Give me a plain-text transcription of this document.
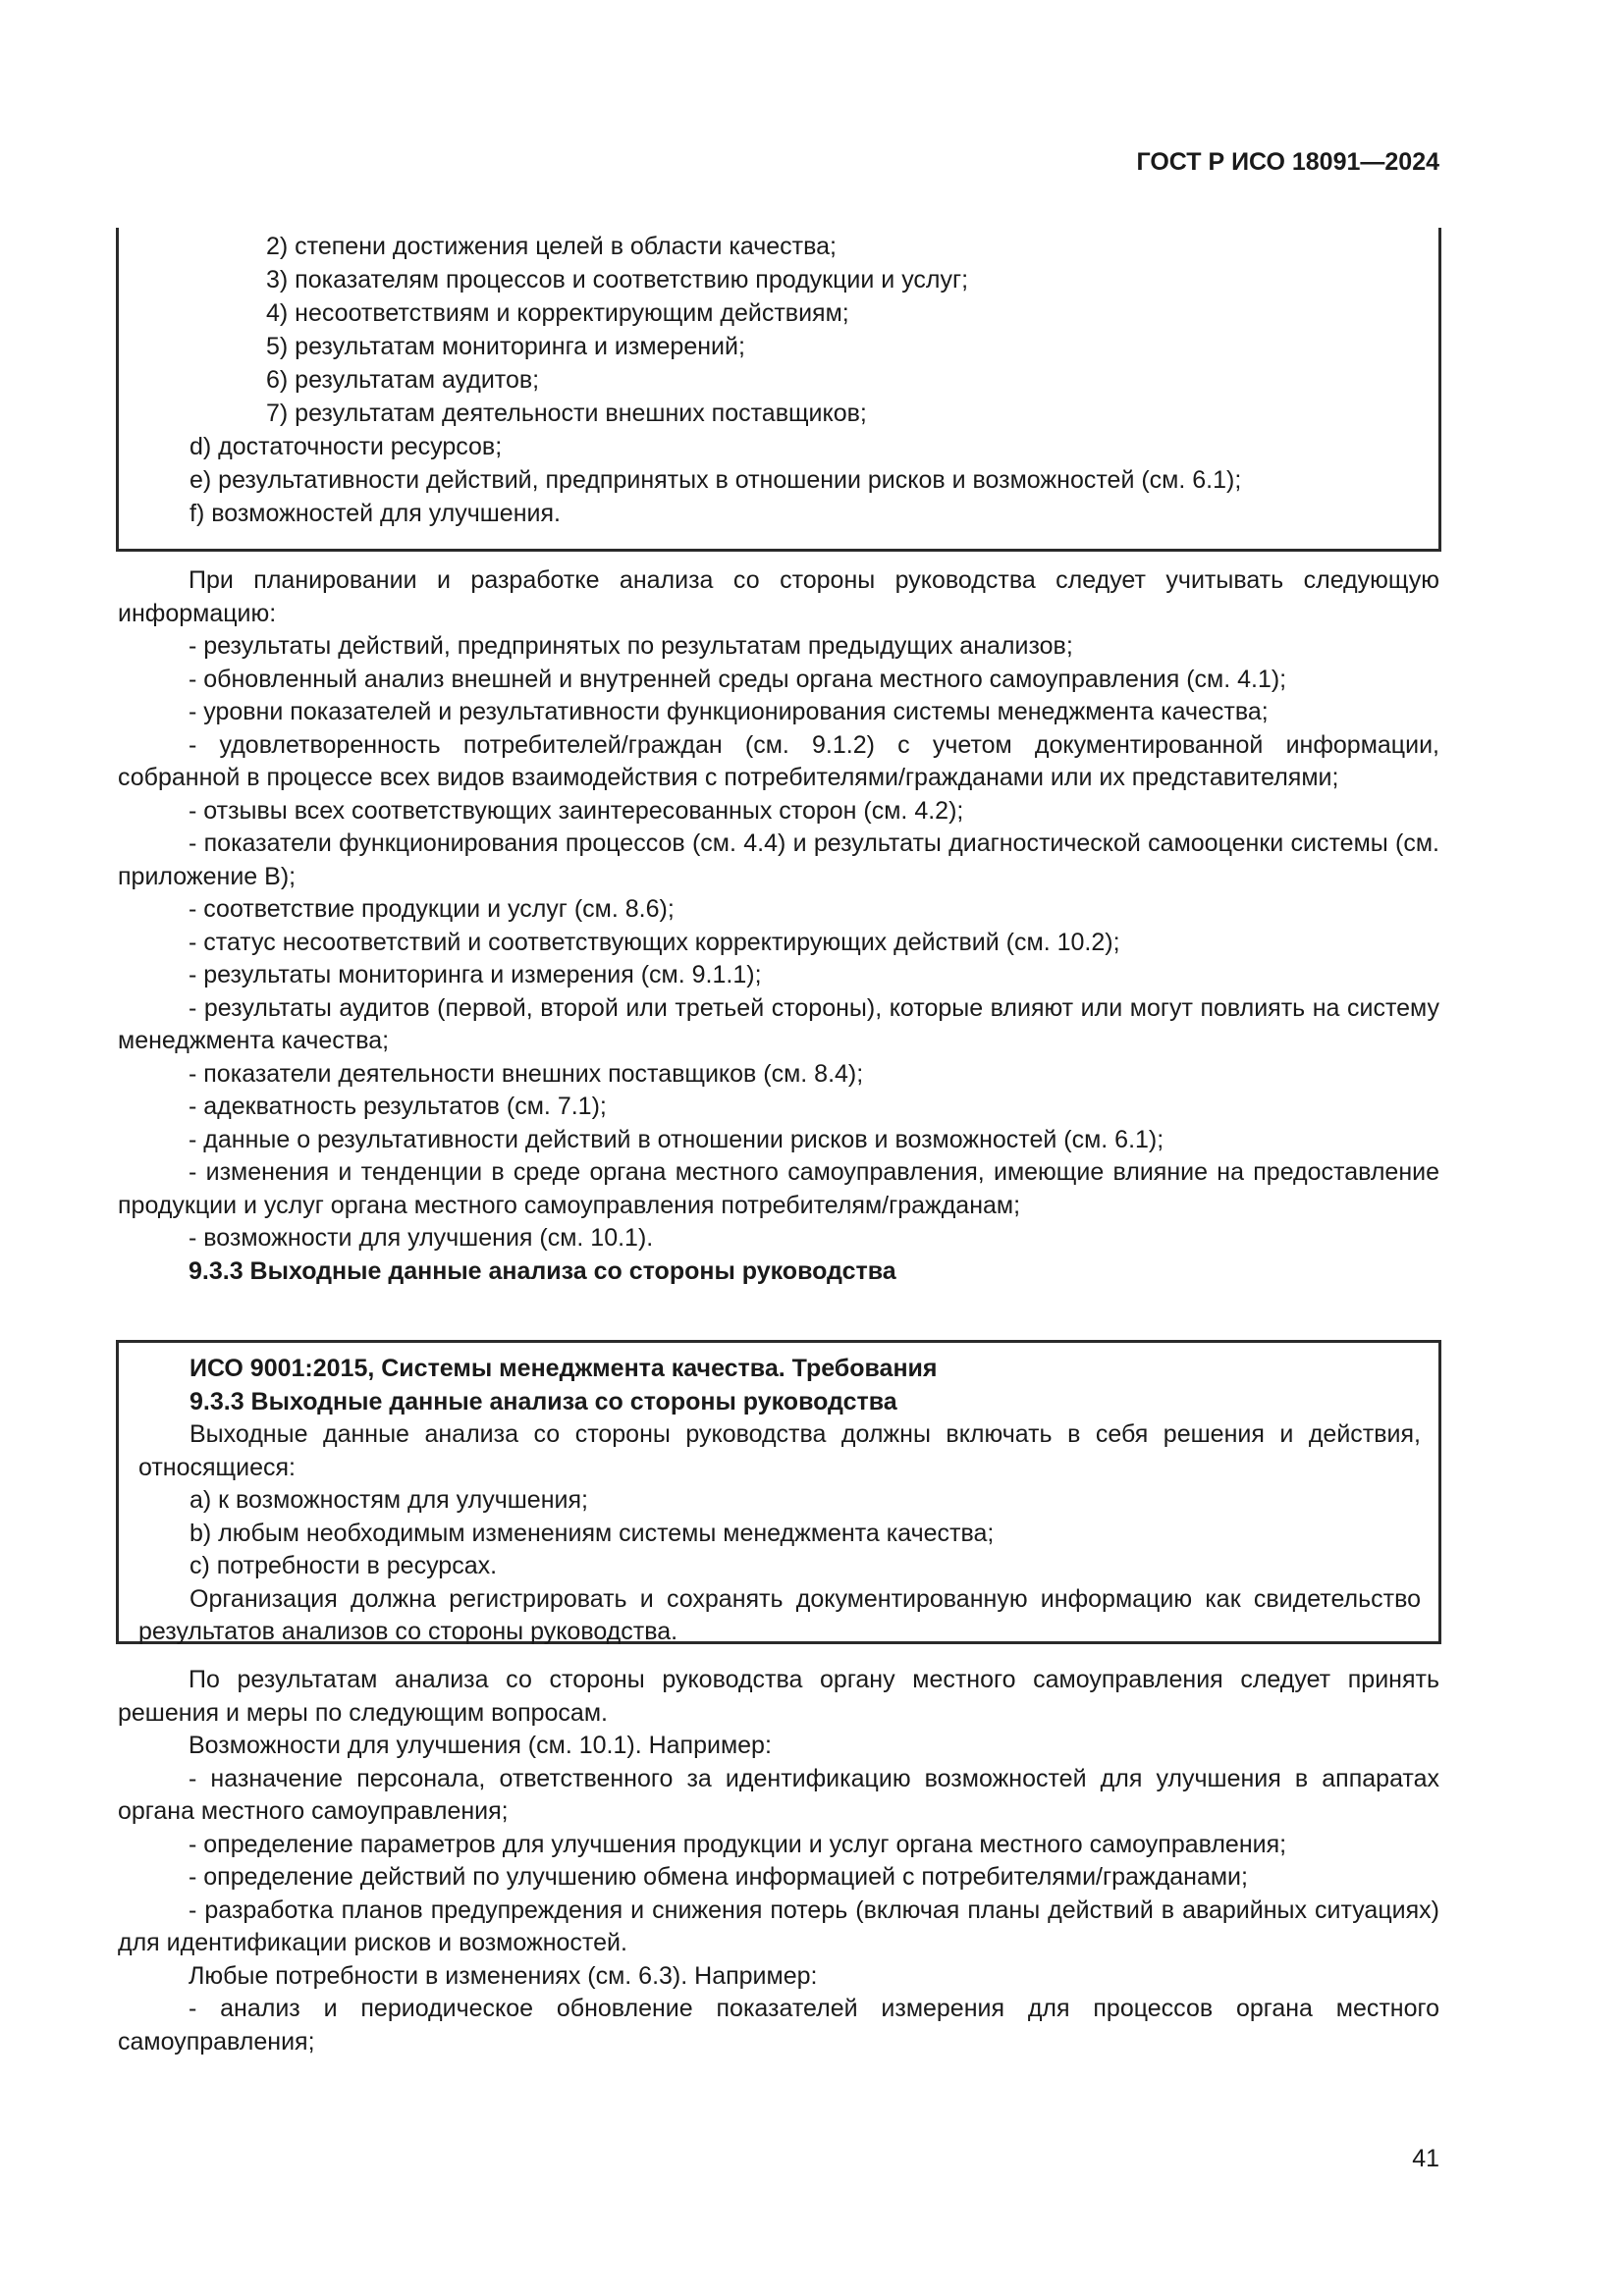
ГОСТ Р ИСО 18091—2024
2) степени достижения целей в области качества;
3) показателям процессов и соответствию продукции и услуг;
4) несоответствиям и корректирующим действиям;
5) результатам мониторинга и измерений;
6) результатам аудитов;
7) результатам деятельности внешних поставщиков;
d) достаточности ресурсов;
e) результативности действий, предпринятых в отношении рисков и возможностей (см. 6.1);
f) возможностей для улучшения.

При планировании и разработке анализа со стороны руководства следует учитывать следующую информацию:

- результаты действий, предпринятых по результатам предыдущих анализов;

- обновленный анализ внешней и внутренней среды органа местного самоуправления (см. 4.1);

- уровни показателей и результативности функционирования системы менеджмента качества;

- удовлетворенность потребителей/граждан (см. 9.1.2) с учетом документированной информации, собранной в процессе всех видов взаимодействия с потребителями/гражданами или их представителями;

- отзывы всех соответствующих заинтересованных сторон (см. 4.2);

- показатели функционирования процессов (см. 4.4) и результаты диагностической самооценки системы (см. приложение В);

- соответствие продукции и услуг (см. 8.6);

- статус несоответствий и соответствующих корректирующих действий (см. 10.2);

- результаты мониторинга и измерения (см. 9.1.1);

- результаты аудитов (первой, второй или третьей стороны), которые влияют или могут повлиять на систему менеджмента качества;

- показатели деятельности внешних поставщиков (см. 8.4);

- адекватность результатов (см. 7.1);

- данные о результативности действий в отношении рисков и возможностей (см. 6.1);

- изменения и тенденции в среде органа местного самоуправления, имеющие влияние на предоставление продукции и услуг органа местного самоуправления потребителям/гражданам;

- возможности для улучшения (см. 10.1).

9.3.3 Выходные данные анализа со стороны руководства

ИСО 9001:2015, Системы менеджмента качества. Требования

9.3.3 Выходные данные анализа со стороны руководства

Выходные данные анализа со стороны руководства должны включать в себя решения и действия, относящиеся:

a) к возможностям для улучшения;

b) любым необходимым изменениям системы менеджмента качества;

c) потребности в ресурсах.

Организация должна регистрировать и сохранять документированную информацию как свидетельство результатов анализов со стороны руководства.

По результатам анализа со стороны руководства органу местного самоуправления следует принять решения и меры по следующим вопросам.

Возможности для улучшения (см. 10.1). Например:

- назначение персонала, ответственного за идентификацию возможностей для улучшения в аппаратах органа местного самоуправления;

- определение параметров для улучшения продукции и услуг органа местного самоуправления;

- определение действий по улучшению обмена информацией с потребителями/гражданами;

- разработка планов предупреждения и снижения потерь (включая планы действий в аварийных ситуациях) для идентификации рисков и возможностей.

Любые потребности в изменениях (см. 6.3). Например:

- анализ и периодическое обновление показателей измерения для процессов органа местного самоуправления;

41
